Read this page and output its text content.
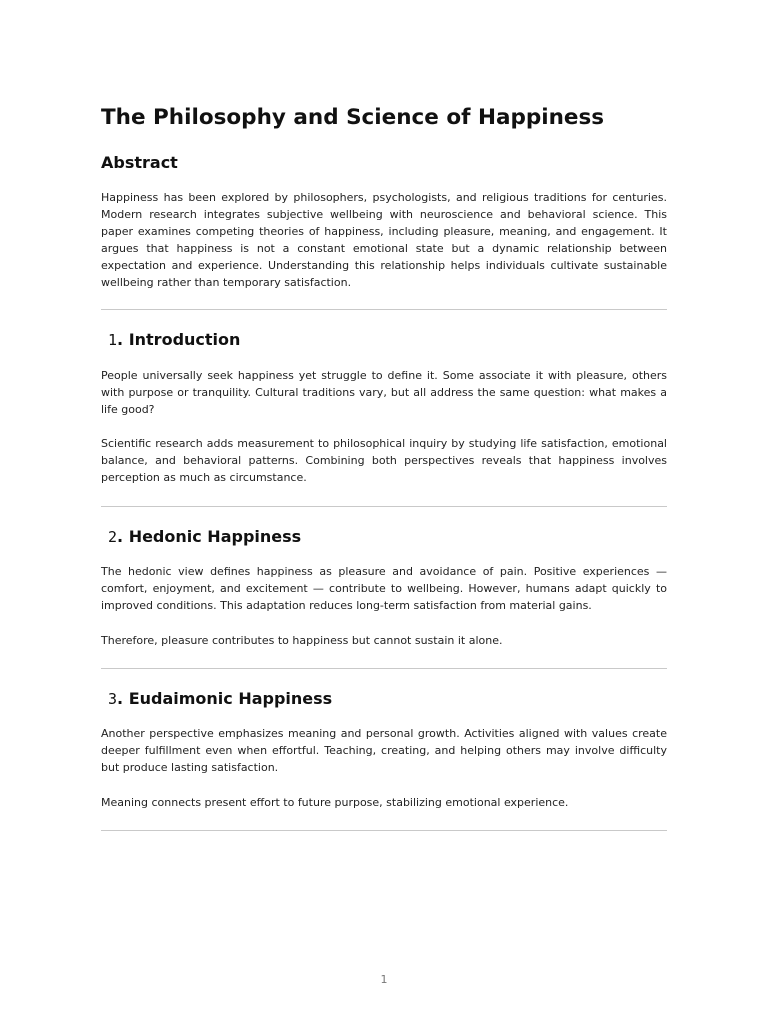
The Philosophy and Science of Happiness
Abstract

Happiness has been explored by philosophers, psychologists, and religious traditions for centuries. Modern research integrates subjective wellbeing with neuroscience and behavioral science. This paper examines competing theories of happiness, including pleasure, meaning, and engagement. It argues that happiness is not a constant emotional state but a dynamic relationship between expectation and experience. Understanding this relationship helps individuals cultivate sustainable wellbeing rather than temporary satisfaction.

1. Introduction

People universally seek happiness yet struggle to define it. Some associate it with pleasure, others with purpose or tranquility. Cultural traditions vary, but all address the same question: what makes a life good?

Scientific research adds measurement to philosophical inquiry by studying life satisfaction, emotional balance, and behavioral patterns. Combining both perspectives reveals that happiness involves perception as much as circumstance.

2. Hedonic Happiness

The hedonic view defines happiness as pleasure and avoidance of pain. Positive experiences — comfort, enjoyment, and excitement — contribute to wellbeing. However, humans adapt quickly to improved conditions. This adaptation reduces long-term satisfaction from material gains.

Therefore, pleasure contributes to happiness but cannot sustain it alone.

3. Eudaimonic Happiness

Another perspective emphasizes meaning and personal growth. Activities aligned with values create deeper fulfillment even when effortful. Teaching, creating, and helping others may involve difficulty but produce lasting satisfaction.

Meaning connects present effort to future purpose, stabilizing emotional experience.

1
